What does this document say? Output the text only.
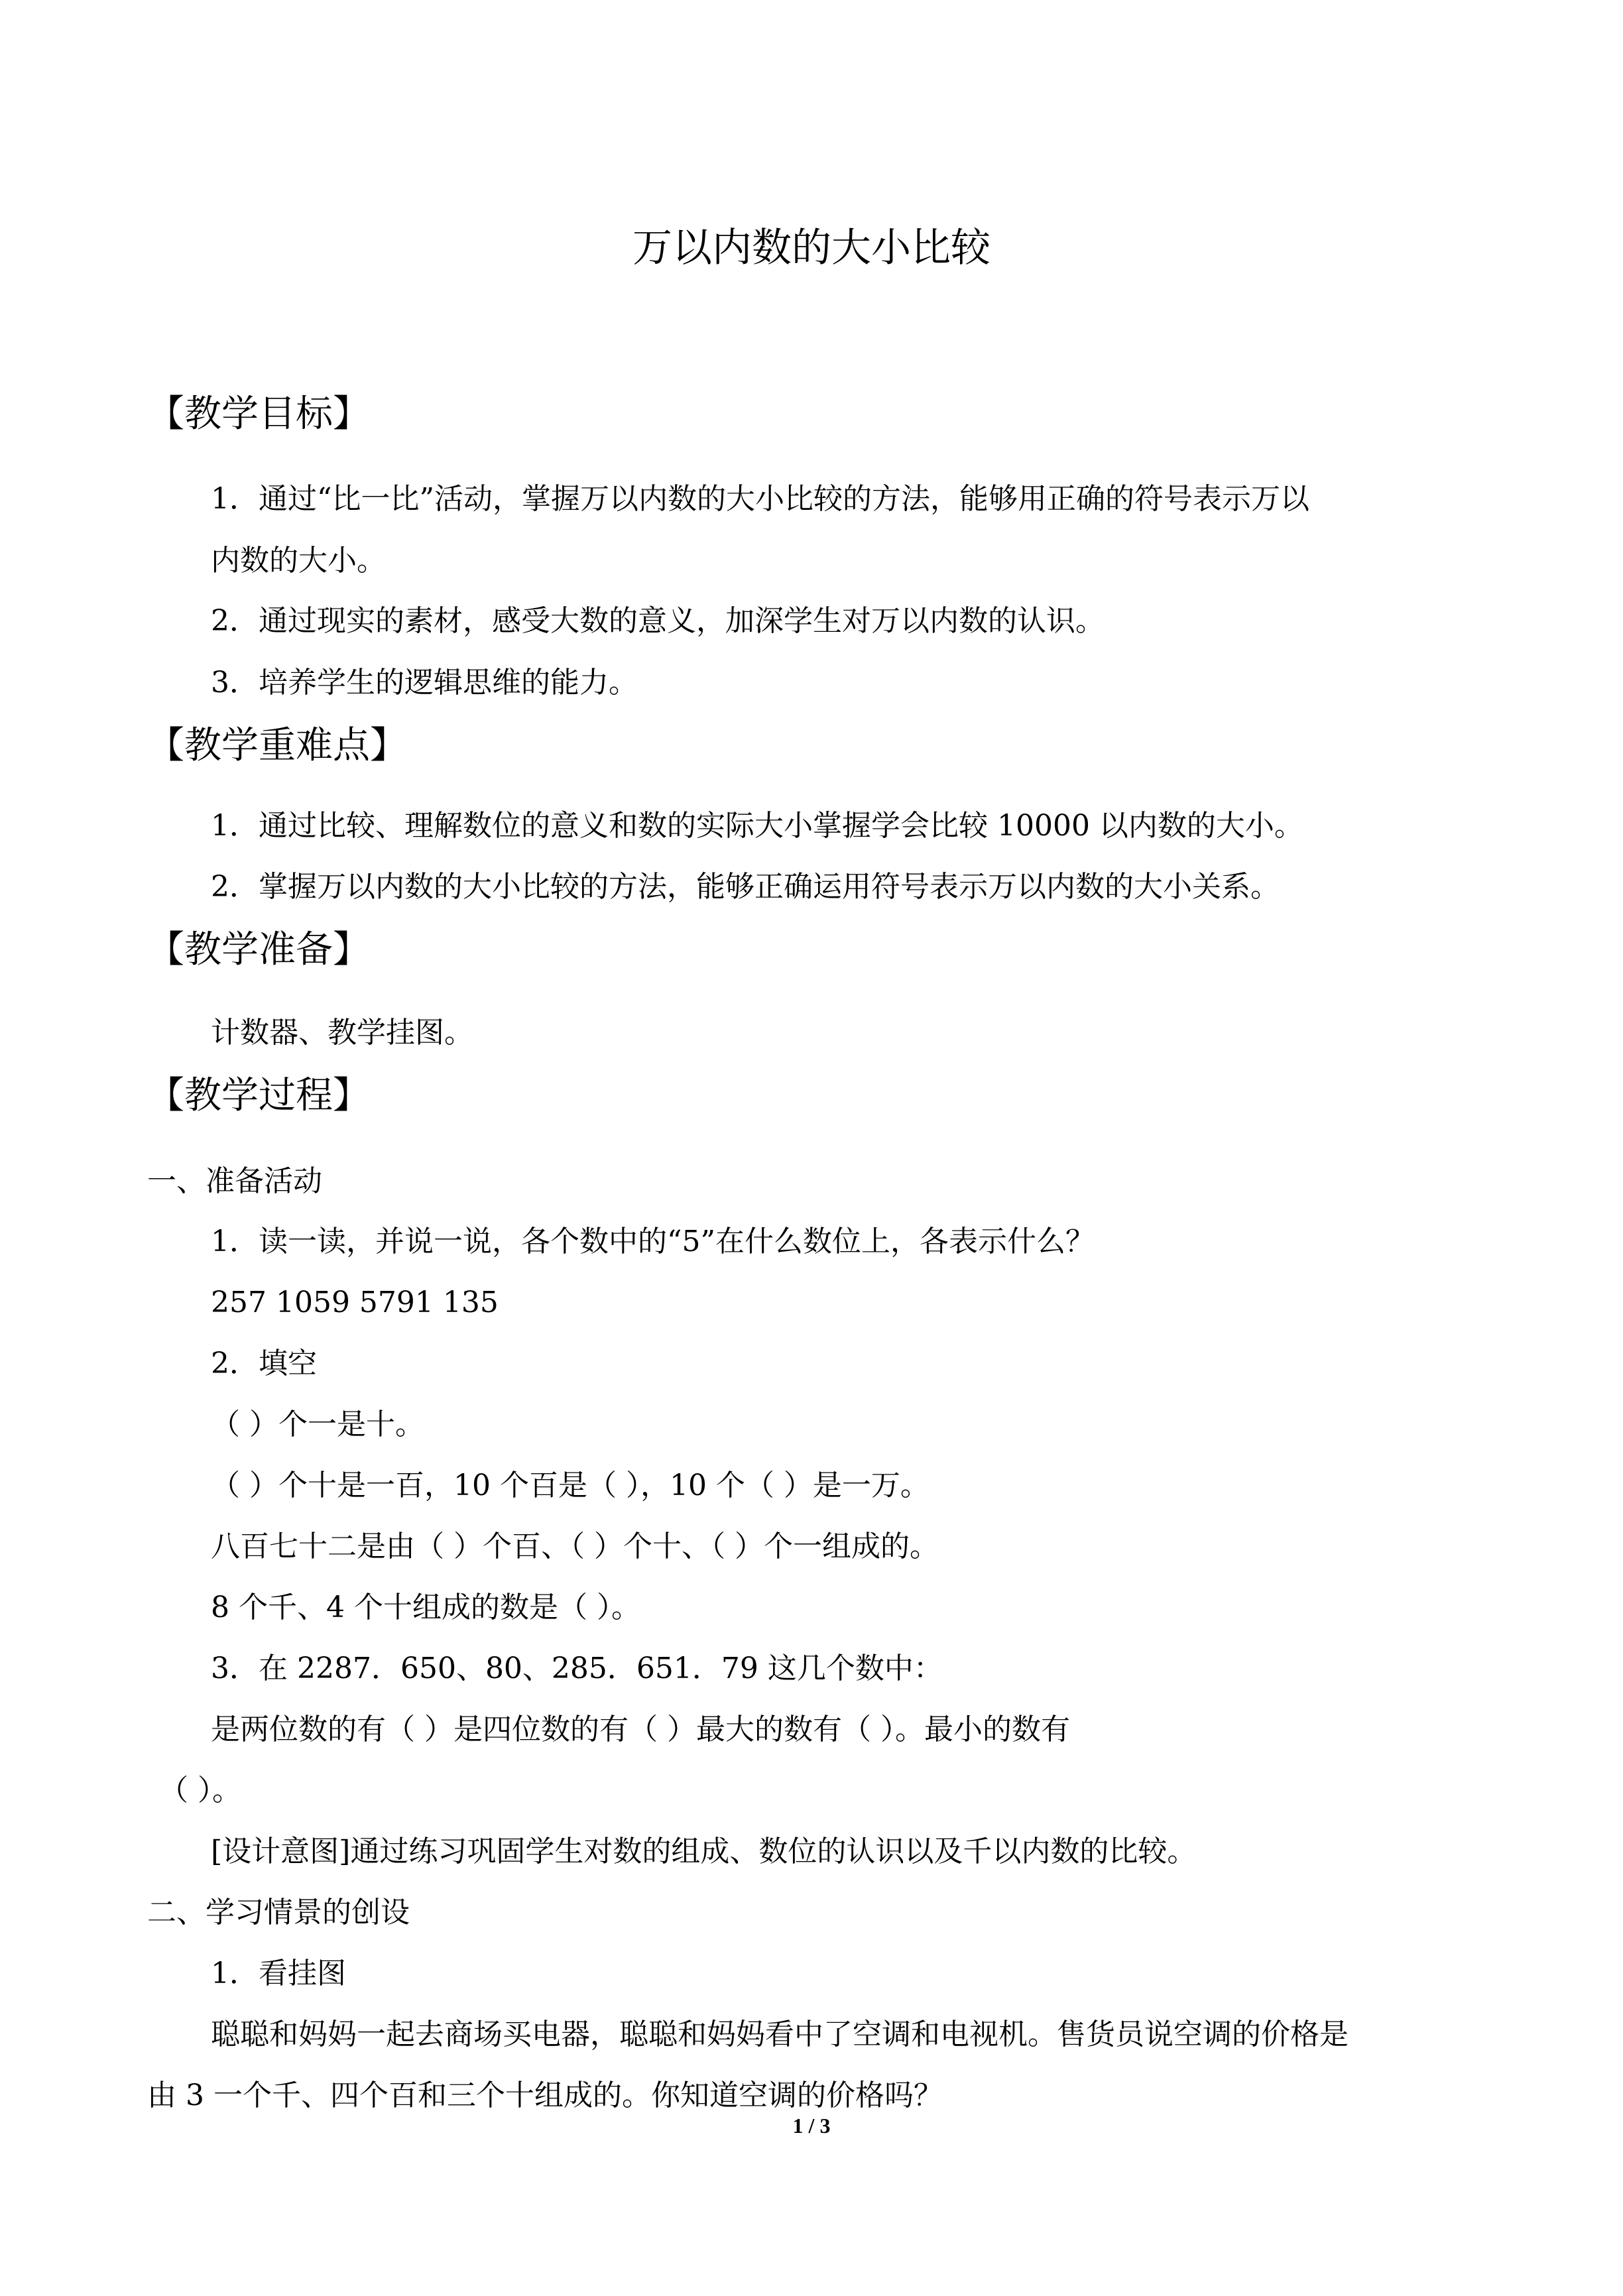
万以内数的大小比较
【教学目标】
1．通过“比一比”活动，掌握万以内数的大小比较的方法，能够用正确的符号表示万以
内数的大小。
2．通过现实的素材，感受大数的意义，加深学生对万以内数的认识。
3．培养学生的逻辑思维的能力。
【教学重难点】
1．通过比较、理解数位的意义和数的实际大小掌握学会比较 10000 以内数的大小。
2．掌握万以内数的大小比较的方法，能够正确运用符号表示万以内数的大小关系。
【教学准备】
计数器、教学挂图。
【教学过程】
一、准备活动
1．读一读，并说一说，各个数中的“5”在什么数位上，各表示什么？
257 1059 5791 135
2．填空
（ ）个一是十。
（ ）个十是一百，10 个百是（ ），10 个（ ）是一万。
八百七十二是由（ ）个百、（ ）个十、（ ）个一组成的。
8 个千、4 个十组成的数是（ ）。
3．在 2287．650、80、285．651．79 这几个数中：
是两位数的有（ ）是四位数的有（ ）最大的数有（ ）。最小的数有
（ ）。
[设计意图]通过练习巩固学生对数的组成、数位的认识以及千以内数的比较。
二、学习情景的创设
1．看挂图
聪聪和妈妈一起去商场买电器，聪聪和妈妈看中了空调和电视机。售货员说空调的价格是
由 3 一个千、四个百和三个十组成的。你知道空调的价格吗？
1 / 3
